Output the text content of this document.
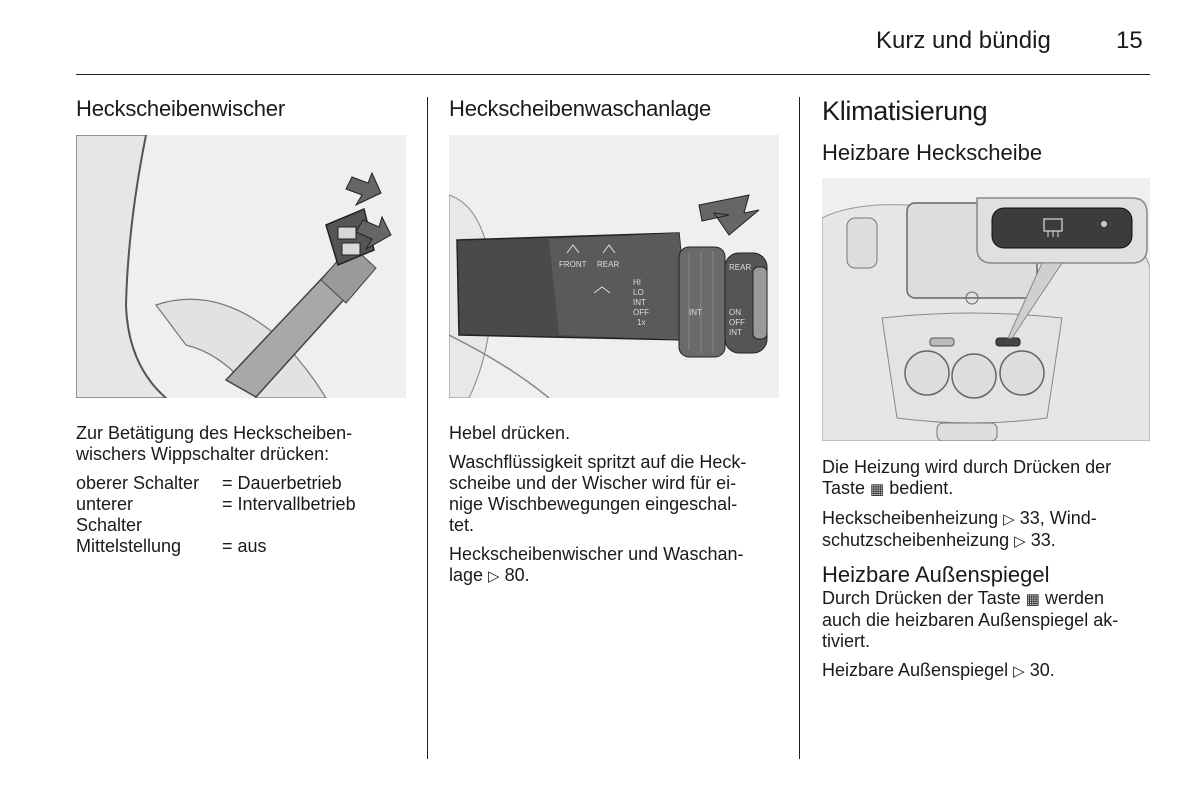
Kurz und bündig	15
Heckscheibenwischer

Zur Betätigung des Heckscheiben-

wischers Wippschalter drücken:

oberer Schalter	= Dauerbetrieb
unterer Schalter	= Intervallbetrieb
Mittelstellung	= aus
Heckscheibenwaschanlage
FRONT REAR
HI
LO
INT
OFF
1x
INT
REAR
ON
OFF
INT

Hebel drücken.

Waschflüssigkeit spritzt auf die Heck-

scheibe und der Wischer wird für ei-

nige Wischbewegungen eingeschal-

tet.

Heckscheibenwischer und Waschan-

lage ▷ 80.

Klimatisierung
Heizbare Heckscheibe

Die Heizung wird durch Drücken der

Taste ▦ bedient.

Heckscheibenheizung ▷ 33, Wind-

schutzscheibenheizung ▷ 33.

Heizbare Außenspiegel

Durch Drücken der Taste ▦ werden

auch die heizbaren Außenspiegel ak-

tiviert.

Heizbare Außenspiegel ▷ 30.
